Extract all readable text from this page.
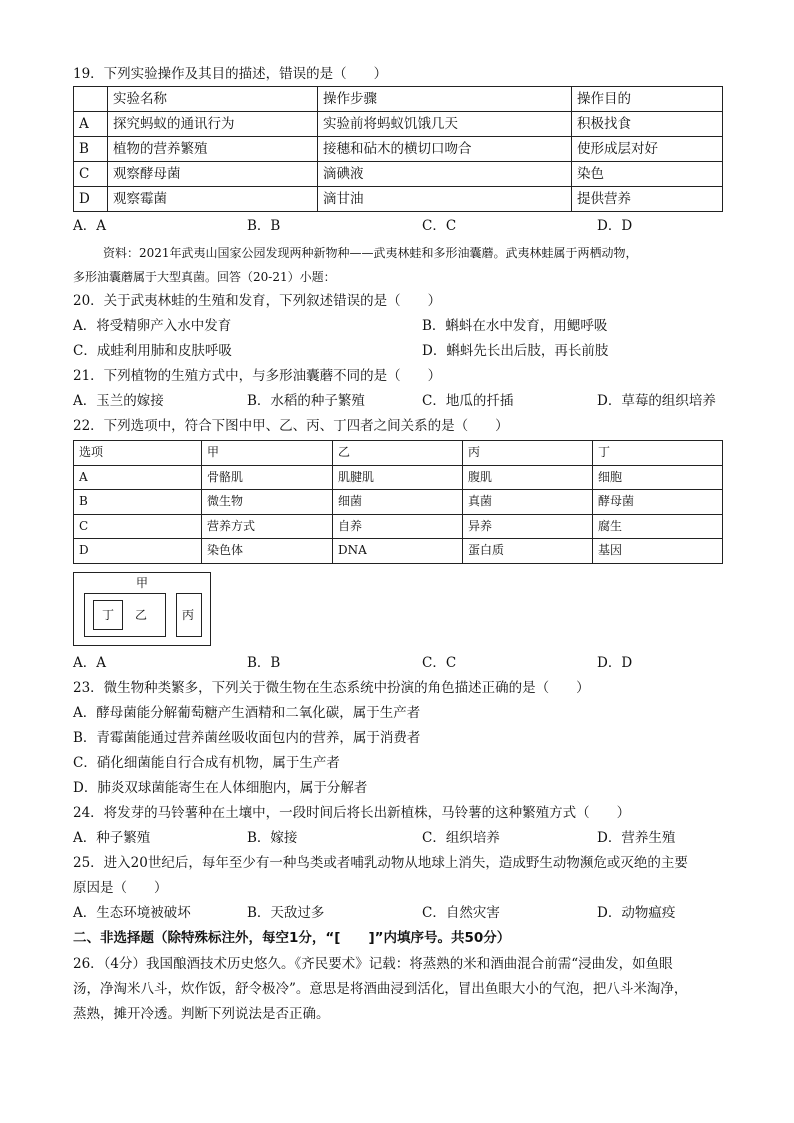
19．下列实验操作及其目的描述，错误的是（　　）
	实验名称	操作步骤	操作目的
A	探究蚂蚁的通讯行为	实验前将蚂蚁饥饿几天	积极找食
B	植物的营养繁殖	接穗和砧木的横切口吻合	使形成层对好
C	观察酵母菌	滴碘液	染色
D	观察霉菌	滴甘油	提供营养
A．A	B．B	C．C	D．D
资料：2021年武夷山国家公园发现两种新物种——武夷林蛙和多形油囊蘑。武夷林蛙属于两栖动物，
多形油囊蘑属于大型真菌。回答（20-21）小题：
20．关于武夷林蛙的生殖和发育，下列叙述错误的是（　　）
A．将受精卵产入水中发育	B．蝌蚪在水中发育，用鳃呼吸
C．成蛙利用肺和皮肤呼吸	D．蝌蚪先长出后肢，再长前肢
21．下列植物的生殖方式中，与多形油囊蘑不同的是（　　）
A．玉兰的嫁接	B．水稻的种子繁殖	C．地瓜的扦插	D．草莓的组织培养
22．下列选项中，符合下图中甲、乙、丙、丁四者之间关系的是（　　）
选项	甲	乙	丙	丁
A	骨骼肌	肌腱肌	腹肌	细胞
B	微生物	细菌	真菌	酵母菌
C	营养方式	自养	异养	腐生
D	染色体	DNA	蛋白质	基因
甲
丁 乙	丙
A．A	B．B	C．C	D．D
23．微生物种类繁多，下列关于微生物在生态系统中扮演的角色描述正确的是（　　）
A．酵母菌能分解葡萄糖产生酒精和二氧化碳，属于生产者
B．青霉菌能通过营养菌丝吸收面包内的营养，属于消费者
C．硝化细菌能自行合成有机物，属于生产者
D．肺炎双球菌能寄生在人体细胞内，属于分解者
24．将发芽的马铃薯种在土壤中，一段时间后将长出新植株，马铃薯的这种繁殖方式（　　）
A．种子繁殖	B．嫁接	C．组织培养	D．营养生殖
25．进入20世纪后，每年至少有一种鸟类或者哺乳动物从地球上消失，造成野生动物濒危或灭绝的主要
原因是（　　）
A．生态环境被破坏	B．天敌过多	C．自然灾害	D．动物瘟疫
二、非选择题（除特殊标注外，每空1分，“[ ]”内填序号。共50分）
26．（4分）我国酿酒技术历史悠久。《齐民要术》记载：将蒸熟的米和酒曲混合前需“浸曲发，如鱼眼
汤，净淘米八斗，炊作饭，舒令极冷”。意思是将酒曲浸到活化，冒出鱼眼大小的气泡，把八斗米淘净，
蒸熟，摊开冷透。判断下列说法是否正确。
